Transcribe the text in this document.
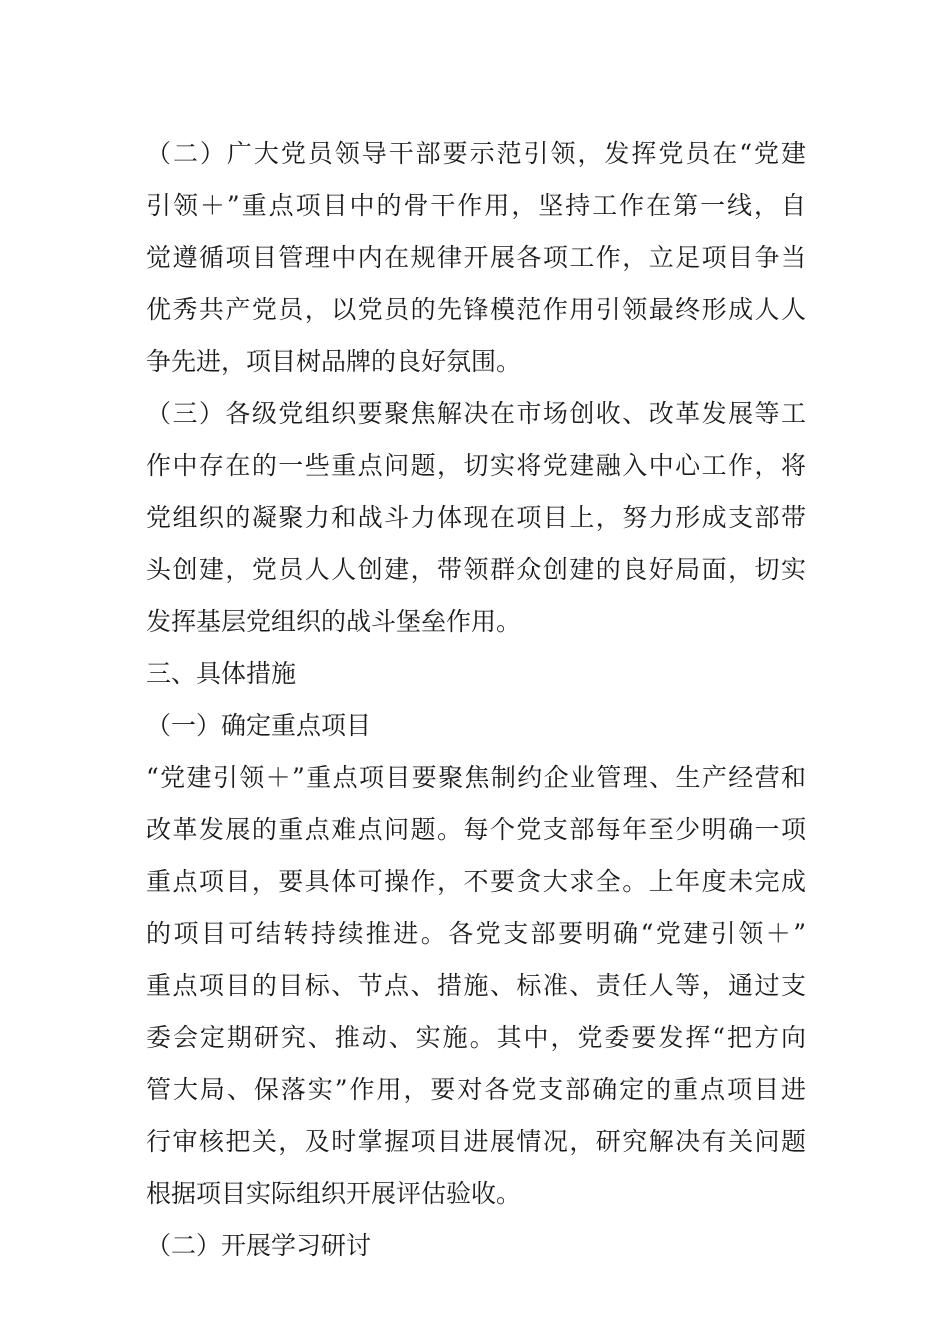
（二）广大党员领导干部要示范引领，发挥党员在“党建
引领＋”重点项目中的骨干作用，坚持工作在第一线，自
觉遵循项目管理中内在规律开展各项工作，立足项目争当
优秀共产党员，以党员的先锋模范作用引领最终形成人人
争先进，项目树品牌的良好氛围。
（三）各级党组织要聚焦解决在市场创收、改革发展等工
作中存在的一些重点问题，切实将党建融入中心工作，将
党组织的凝聚力和战斗力体现在项目上，努力形成支部带
头创建，党员人人创建，带领群众创建的良好局面，切实
发挥基层党组织的战斗堡垒作用。
三、具体措施
（一）确定重点项目
“党建引领＋”重点项目要聚焦制约企业管理、生产经营和
改革发展的重点难点问题。每个党支部每年至少明确一项
重点项目，要具体可操作，不要贪大求全。上年度未完成
的项目可结转持续推进。各党支部要明确“党建引领＋”
重点项目的目标、节点、措施、标准、责任人等，通过支
委会定期研究、推动、实施。其中，党委要发挥“把方向
管大局、保落实”作用，要对各党支部确定的重点项目进
行审核把关，及时掌握项目进展情况，研究解决有关问题
根据项目实际组织开展评估验收。
（二）开展学习研讨
